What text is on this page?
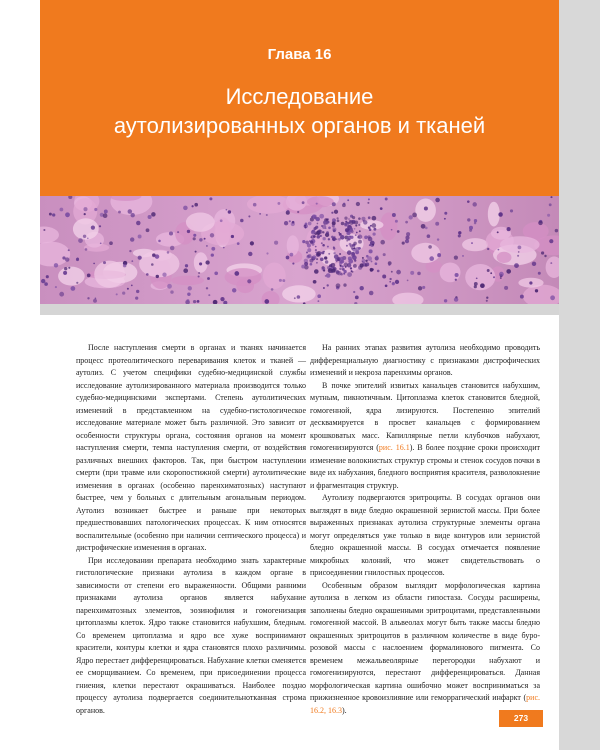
Глава 16
Исследование
аутолизированных органов и тканей

После наступления смерти в органах и тканях начинается процесс протеолитического переваривания клеток и тканей — аутолиз. С учетом специфики судебно-медицинской службы исследование аутолизированного материала производится только судебно-медицинскими экспертами. Степень аутолитических изменений в представленном на судебно-гистологическое исследование материале может быть различной. Это зависит от особенности структуры органа, состояния органов на момент наступления смерти, темпа наступления смерти, от воздействия различных внешних факторов. Так, при быстром наступлении смерти (при травме или скоропостижной смерти) аутолитические изменения в органах (особенно паренхиматозных) наступают быстрее, чем у больных с длительным агональным периодом. Аутолиз возникает быстрее и раньше при некоторых предшествовавших патологических процессах. К ним относятся воспалительные (особенно при наличии септического процесса) и дистрофические изменения в органах.

При исследовании препарата необходимо знать характерные гистологические признаки аутолиза в каждом органе в зависимости от степени его выраженности. Общими ранними признаками аутолиза органов является набухание паренхиматозных элементов, эозинофилия и гомогенизация цитоплазмы клеток. Ядро также становится набухшим, бледным. Со временем цитоплазма и ядро все хуже воспринимают красители, контуры клетки и ядра становятся плохо различимы. Ядро перестает дифференцироваться. Набухание клетки сменяется ее сморщиванием. Со временем, при присоединении процесса гниения, клетки перестают окрашиваться. Наиболее поздно процессу аутолиза подвергается соединительнотканная строма органов.

На ранних этапах развития аутолиза необходимо проводить дифференциальную диагностику с признаками дистрофических изменений и некроза паренхимы органов.

В почке эпителий извитых канальцев становится набухшим, мутным, пикнотичным. Цитоплазма клеток становится бледной, гомогенной, ядра лизируются. Постепенно эпителий десквамируется в просвет канальцев с формированием крошковатых масс. Капиллярные петли клубочков набухают, гомогенизируются (рис. 16.1). В более поздние сроки происходит изменение волокнистых структур стромы и стенок сосудов почки в виде их набухания, бледного восприятия красителя, разволокнение и фрагментация структур.

Аутолизу подвергаются эритроциты. В сосудах органов они выглядят в виде бледно окрашенной зернистой массы. При более выраженных признаках аутолиза структурные элементы органа могут определяться уже только в виде контуров или зернистой бледно окрашенной массы. В сосудах отмечается появление микробных колоний, что может свидетельствовать о присоединении гнилостных процессов.

Особенным образом выглядит морфологическая картина аутолиза в легком из области гипостаза. Сосуды расширены, заполнены бледно окрашенными эритроцитами, представленными гомогенной массой. В альвеолах могут быть также массы бледно окрашенных эритроцитов в различном количестве в виде буро-розовой массы с наслоением формалинового пигмента. Со временем межальвеолярные перегородки набухают и гомогенизируются, перестают дифференцироваться. Данная морфологическая картина ошибочно может восприниматься за прижизненное кровоизлияние или геморрагический инфаркт (рис. 16.2, 16.3).

273
